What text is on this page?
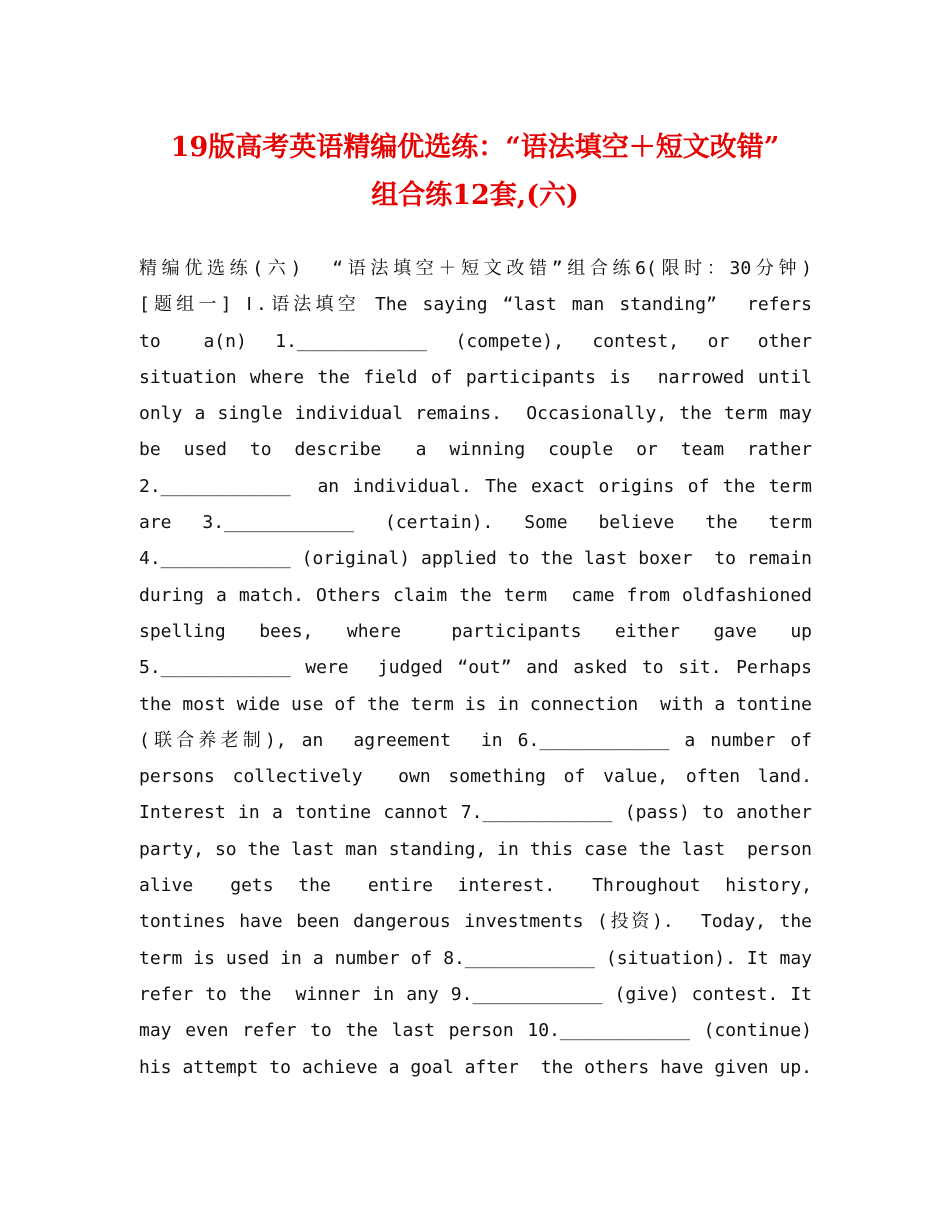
19版高考英语精编优选练：“语法填空＋短文改错”
组合练12套,(六)
精编优选练(六)  “语法填空＋短文改错”组合练6(限时：30分钟)
[题组一] Ⅰ.语法填空 The saying “last man standing”  refers
to   a(n)  1.____________  (compete),  contest,  or  other
situation where the field of participants is  narrowed until
only a single individual remains.  Occasionally, the term may
be  used  to  describe   a  winning  couple  or  team  rather
2.____________  an individual. The exact origins of the term
are  3.____________  (certain).  Some  believe  the  term
4.____________ (original) applied to the last boxer  to remain
during a match. Others claim the term  came from oldfashioned
spelling  bees,  where   participants  either  gave  up
5.____________ were  judged “out” and asked to sit. Perhaps
the most wide use of the term is in connection  with a tontine
(联合养老制), an  agreement  in 6.____________ a number of
persons collectively  own something of value, often land.
Interest in a tontine cannot 7.____________ (pass) to another
party, so the last man standing, in this case the last  person
alive   gets  the   entire  interest.   Throughout  history,
tontines have been dangerous investments (投资).  Today, the
term is used in a number of 8.____________ (situation). It may
refer to the  winner in any 9.____________ (give) contest. It
may even refer to the last person 10.____________ (continue)
his attempt to achieve a goal after  the others have given up.
